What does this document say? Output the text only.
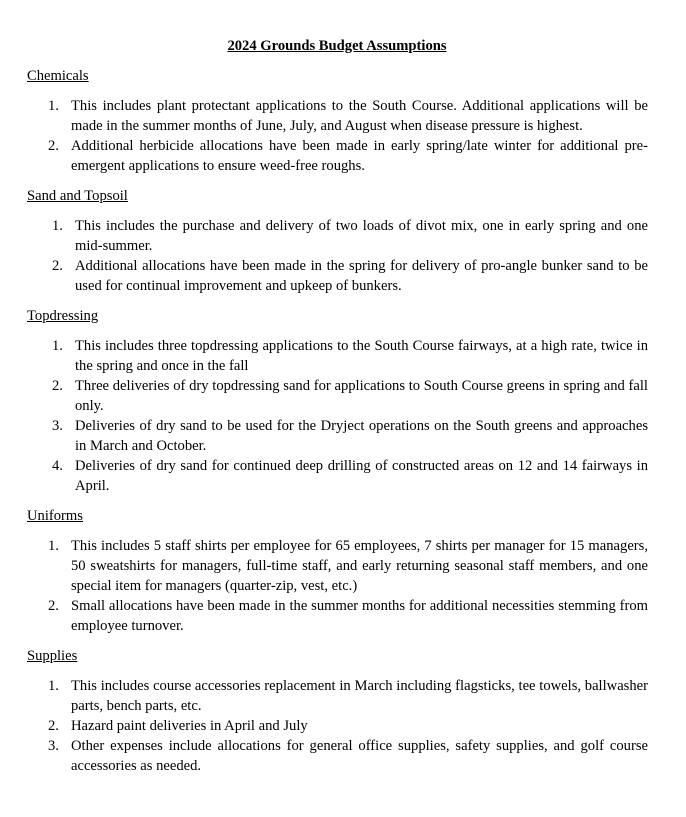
2024 Grounds Budget Assumptions
Chemicals
1. This includes plant protectant applications to the South Course. Additional applications will be made in the summer months of June, July, and August when disease pressure is highest.
2. Additional herbicide allocations have been made in early spring/late winter for additional pre-emergent applications to ensure weed-free roughs.
Sand and Topsoil
1. This includes the purchase and delivery of two loads of divot mix, one in early spring and one mid-summer.
2. Additional allocations have been made in the spring for delivery of pro-angle bunker sand to be used for continual improvement and upkeep of bunkers.
Topdressing
1. This includes three topdressing applications to the South Course fairways, at a high rate, twice in the spring and once in the fall
2. Three deliveries of dry topdressing sand for applications to South Course greens in spring and fall only.
3. Deliveries of dry sand to be used for the Dryject operations on the South greens and approaches in March and October.
4. Deliveries of dry sand for continued deep drilling of constructed areas on 12 and 14 fairways in April.
Uniforms
1. This includes 5 staff shirts per employee for 65 employees, 7 shirts per manager for 15 managers, 50 sweatshirts for managers, full-time staff, and early returning seasonal staff members, and one special item for managers (quarter-zip, vest, etc.)
2. Small allocations have been made in the summer months for additional necessities stemming from employee turnover.
Supplies
1. This includes course accessories replacement in March including flagsticks, tee towels, ballwasher parts, bench parts, etc.
2. Hazard paint deliveries in April and July
3. Other expenses include allocations for general office supplies, safety supplies, and golf course accessories as needed.
